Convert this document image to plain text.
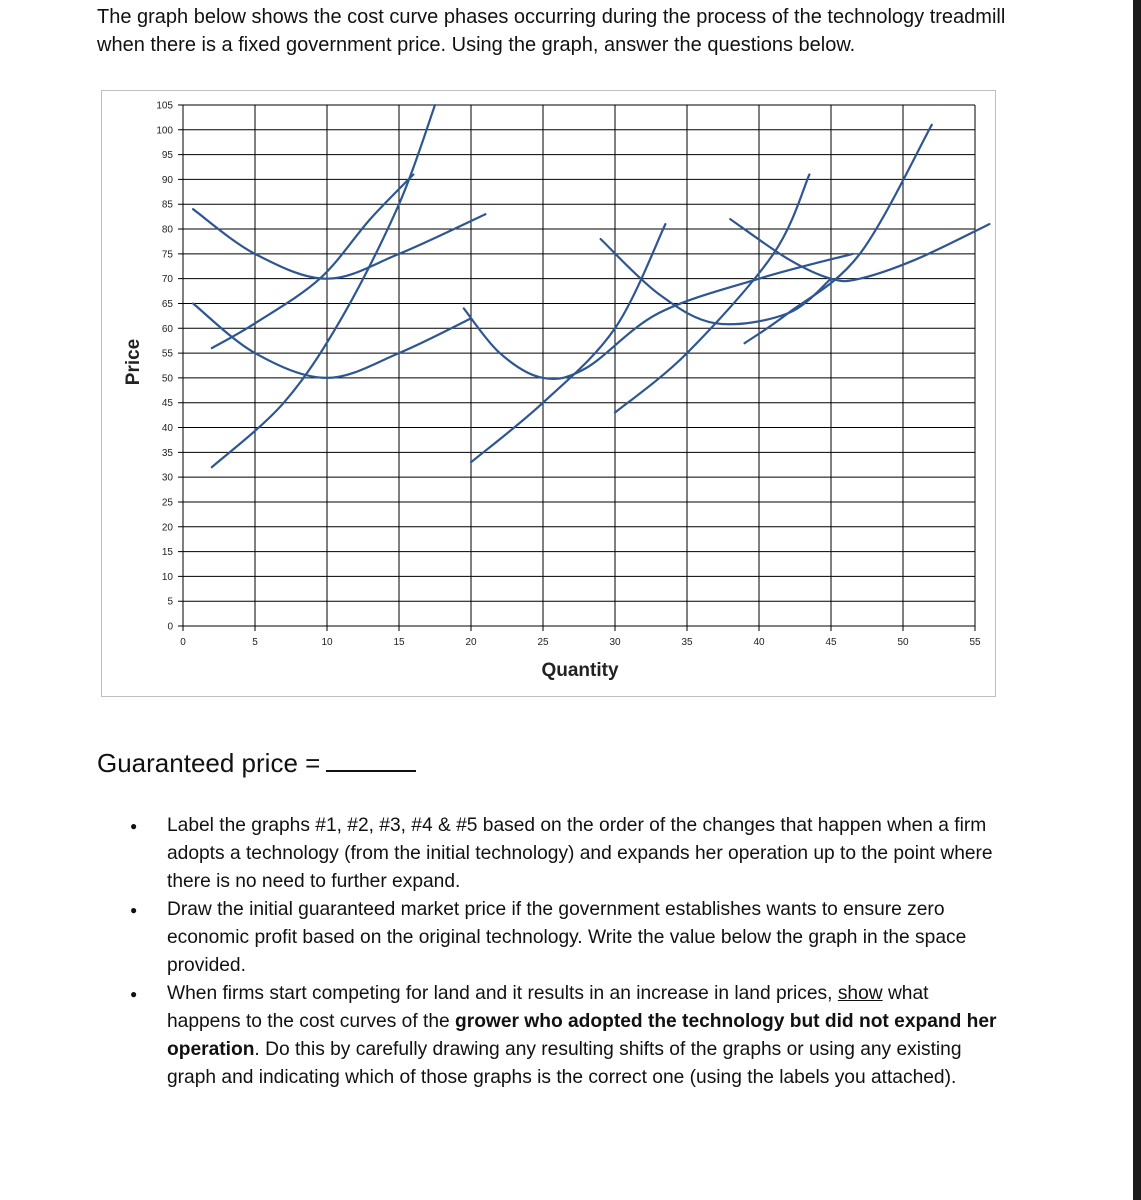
The graph below shows the cost curve phases occurring during the process of the technology treadmill when there is a fixed government price. Using the graph, answer the questions below.
0
5
10
15
20
25
30
35
40
45
50
55
60
65
70
75
80
85
90
95
100
105
0	5	10	15	20	25	30	35	40	45	50	55
Price
Quantity
Guaranteed price =
● Label the graphs #1, #2, #3, #4 & #5 based on the order of the changes that happen when a firm adopts a technology (from the initial technology) and expands her operation up to the point where there is no need to further expand.
● Draw the initial guaranteed market price if the government establishes wants to ensure zero economic profit based on the original technology. Write the value below the graph in the space provided.
● When firms start competing for land and it results in an increase in land prices, show what happens to the cost curves of the grower who adopted the technology but did not expand her operation. Do this by carefully drawing any resulting shifts of the graphs or using any existing graph and indicating which of those graphs is the correct one (using the labels you attached).
